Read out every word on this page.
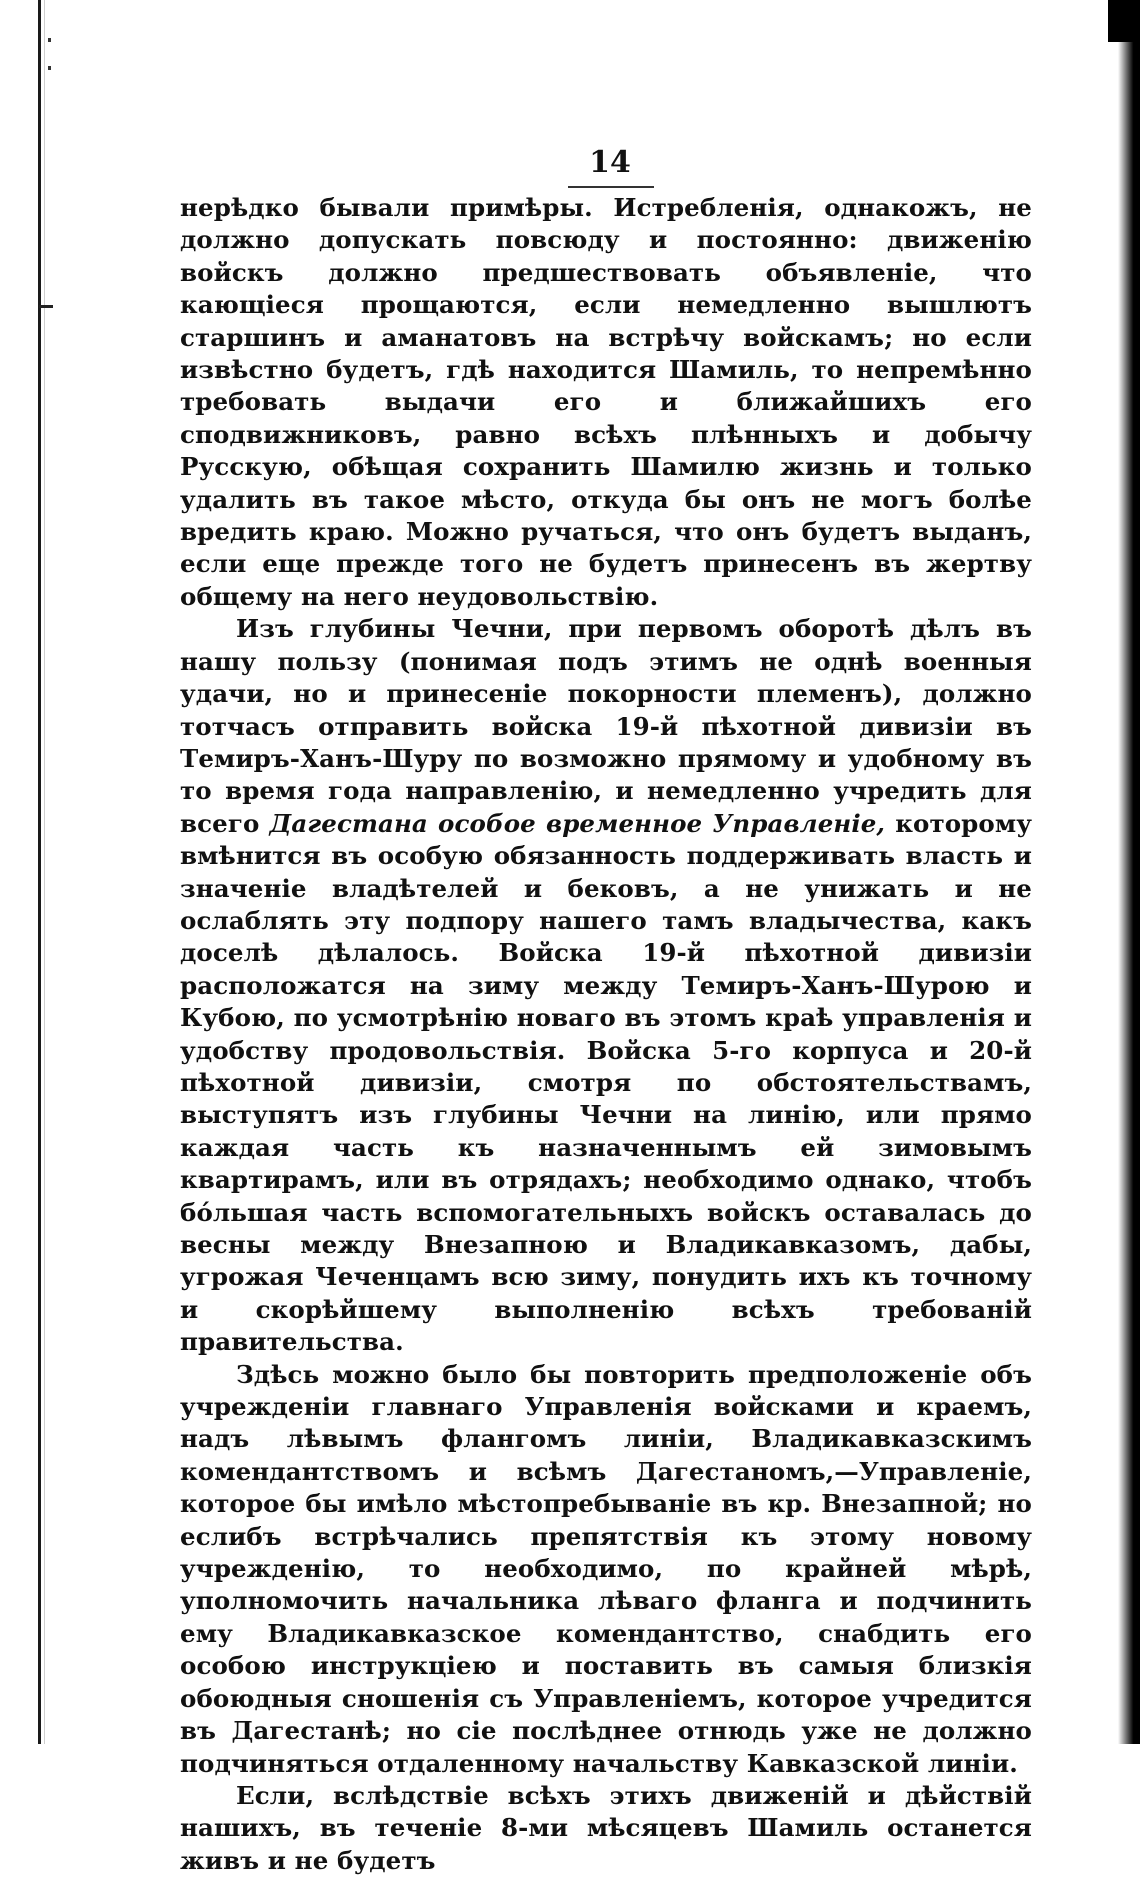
14

нерѣдко бывали примѣры. Истребленія, однакожъ, не должно допускать повсюду и постоянно: движенію войскъ должно предшествовать объявленіе, что кающіеся прощаются, если немедленно вышлютъ старшинъ и аманатовъ на встрѣчу войскамъ; но если извѣстно будетъ, гдѣ находится Шамиль, то непремѣнно требовать выдачи его и ближайшихъ его сподвижниковъ, равно всѣхъ плѣнныхъ и добычу Русскую, обѣщая сохранить Шамилю жизнь и только удалить въ такое мѣсто, откуда бы онъ не могъ болѣе вредить краю. Можно ручаться, что онъ будетъ выданъ, если еще прежде того не будетъ принесенъ въ жертву общему на него неудовольствію.

Изъ глубины Чечни, при первомъ оборотѣ дѣлъ въ нашу пользу (понимая подъ этимъ не однѣ военныя удачи, но и принесеніе покорности племенъ), должно тотчасъ отправить войска 19-й пѣхотной дивизіи въ Темиръ-Ханъ-Шуру по возможно прямому и удобному въ то время года направленію, и немедленно учредить для всего Дагестана особое временное Управленіе, которому вмѣнится въ особую обязанность поддерживать власть и значеніе владѣтелей и бековъ, а не унижать и не ослаблять эту подпору нашего тамъ владычества, какъ доселѣ дѣлалось. Войска 19-й пѣхотной дивизіи расположатся на зиму между Темиръ-Ханъ-Шурою и Кубою, по усмотрѣнію новаго въ этомъ краѣ управленія и удобству продовольствія. Войска 5-го корпуса и 20-й пѣхотной дивизіи, смотря по обстоятельствамъ, выступятъ изъ глубины Чечни на линію, или прямо каждая часть къ назначеннымъ ей зимовымъ квартирамъ, или въ отрядахъ; необходимо однако, чтобъ бо́льшая часть вспомогательныхъ войскъ оставалась до весны между Внезапною и Владикавказомъ, дабы, угрожая Чеченцамъ всю зиму, понудить ихъ къ точному и скорѣйшему выполненію всѣхъ требованій правительства.

Здѣсь можно было бы повторить предположеніе объ учрежденіи главнаго Управленія войсками и краемъ, надъ лѣвымъ флангомъ линіи, Владикавказскимъ комендантствомъ и всѣмъ Дагестаномъ,—Управленіе, которое бы имѣло мѣстопребываніе въ кр. Внезапной; но еслибъ встрѣчались препятствія къ этому новому учрежденію, то необходимо, по крайней мѣрѣ, уполномочить начальника лѣваго фланга и подчинить ему Владикавказское комендантство, снабдить его особою инструкціею и поставить въ самыя близкія обоюдныя сношенія съ Управленіемъ, которое учредится въ Дагестанѣ; но сіе послѣднее отнюдь уже не должно подчиняться отдаленному начальству Кавказской линіи.

Если, вслѣдствіе всѣхъ этихъ движеній и дѣйствій нашихъ, въ теченіе 8-ми мѣсяцевъ Шамиль останется живъ и не будетъ
